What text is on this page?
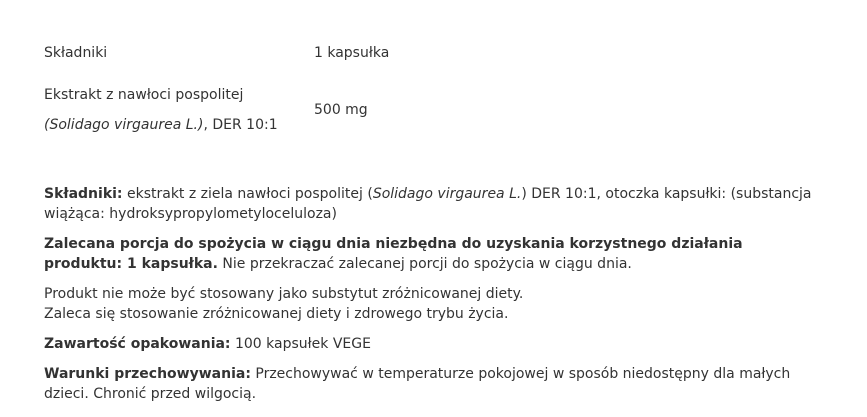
Składniki	1 kapsułka
Ekstrakt z nawłoci pospolitej
(Solidago virgaurea L.), DER 10:1
500 mg

Składniki: ekstrakt z ziela nawłoci pospolitej (Solidago virgaurea L.) DER 10:1, otoczka kapsułki: (substancja wiążąca: hydroksypropylometyloceluloza)

Zalecana porcja do spożycia w ciągu dnia niezbędna do uzyskania korzystnego działania produktu: 1 kapsułka. Nie przekraczać zalecanej porcji do spożycia w ciągu dnia.

Produkt nie może być stosowany jako substytut zróżnicowanej diety.
Zaleca się stosowanie zróżnicowanej diety i zdrowego trybu życia.

Zawartość opakowania: 100 kapsułek VEGE

Warunki przechowywania: Przechowywać w temperaturze pokojowej w sposób niedostępny dla małych dzieci. Chronić przed wilgocią.
